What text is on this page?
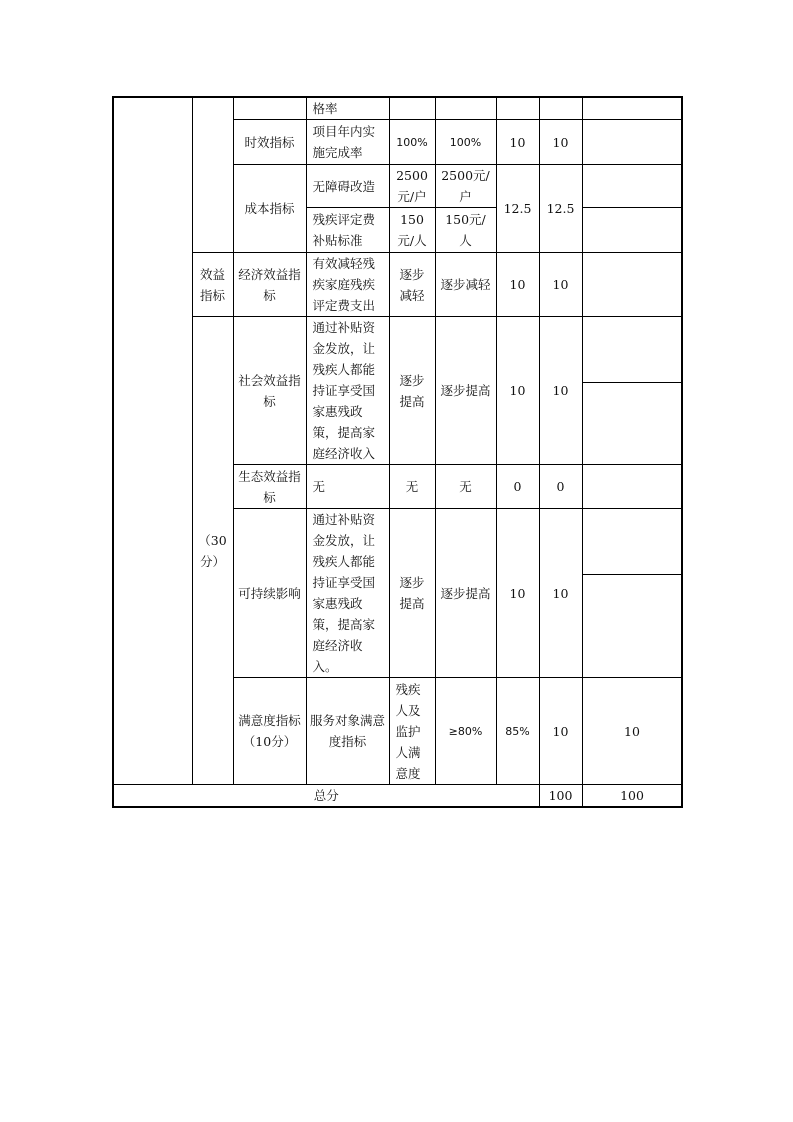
			格率						
		时效指标	项目年内实施完成率	100%	100%	10	10		
		成本指标	无障碍改造	2500元/户	2500元/户	12.5	12.5		
			残疾评定费补贴标准	150元/人	150元/人				
	效益指标	经济效益指标	有效减轻残疾家庭残疾评定费支出	逐步减轻	逐步减轻	10	10		
	（30分）	社会效益指标	通过补贴资金发放，让残疾人都能持证享受国家惠残政策，提高家庭经济收入	逐步提高	逐步提高	10	10		

		生态效益指标	无	无	无	0	0		
		可持续影响	通过补贴资金发放，让残疾人都能持证享受国家惠残政策，提高家庭经济收入。	逐步提高	逐步提高	10	10		

		满意度指标（10分）	服务对象满意度指标	残疾人及监护人满意度	≥80%	85%	10	10	

总分							100	100	
